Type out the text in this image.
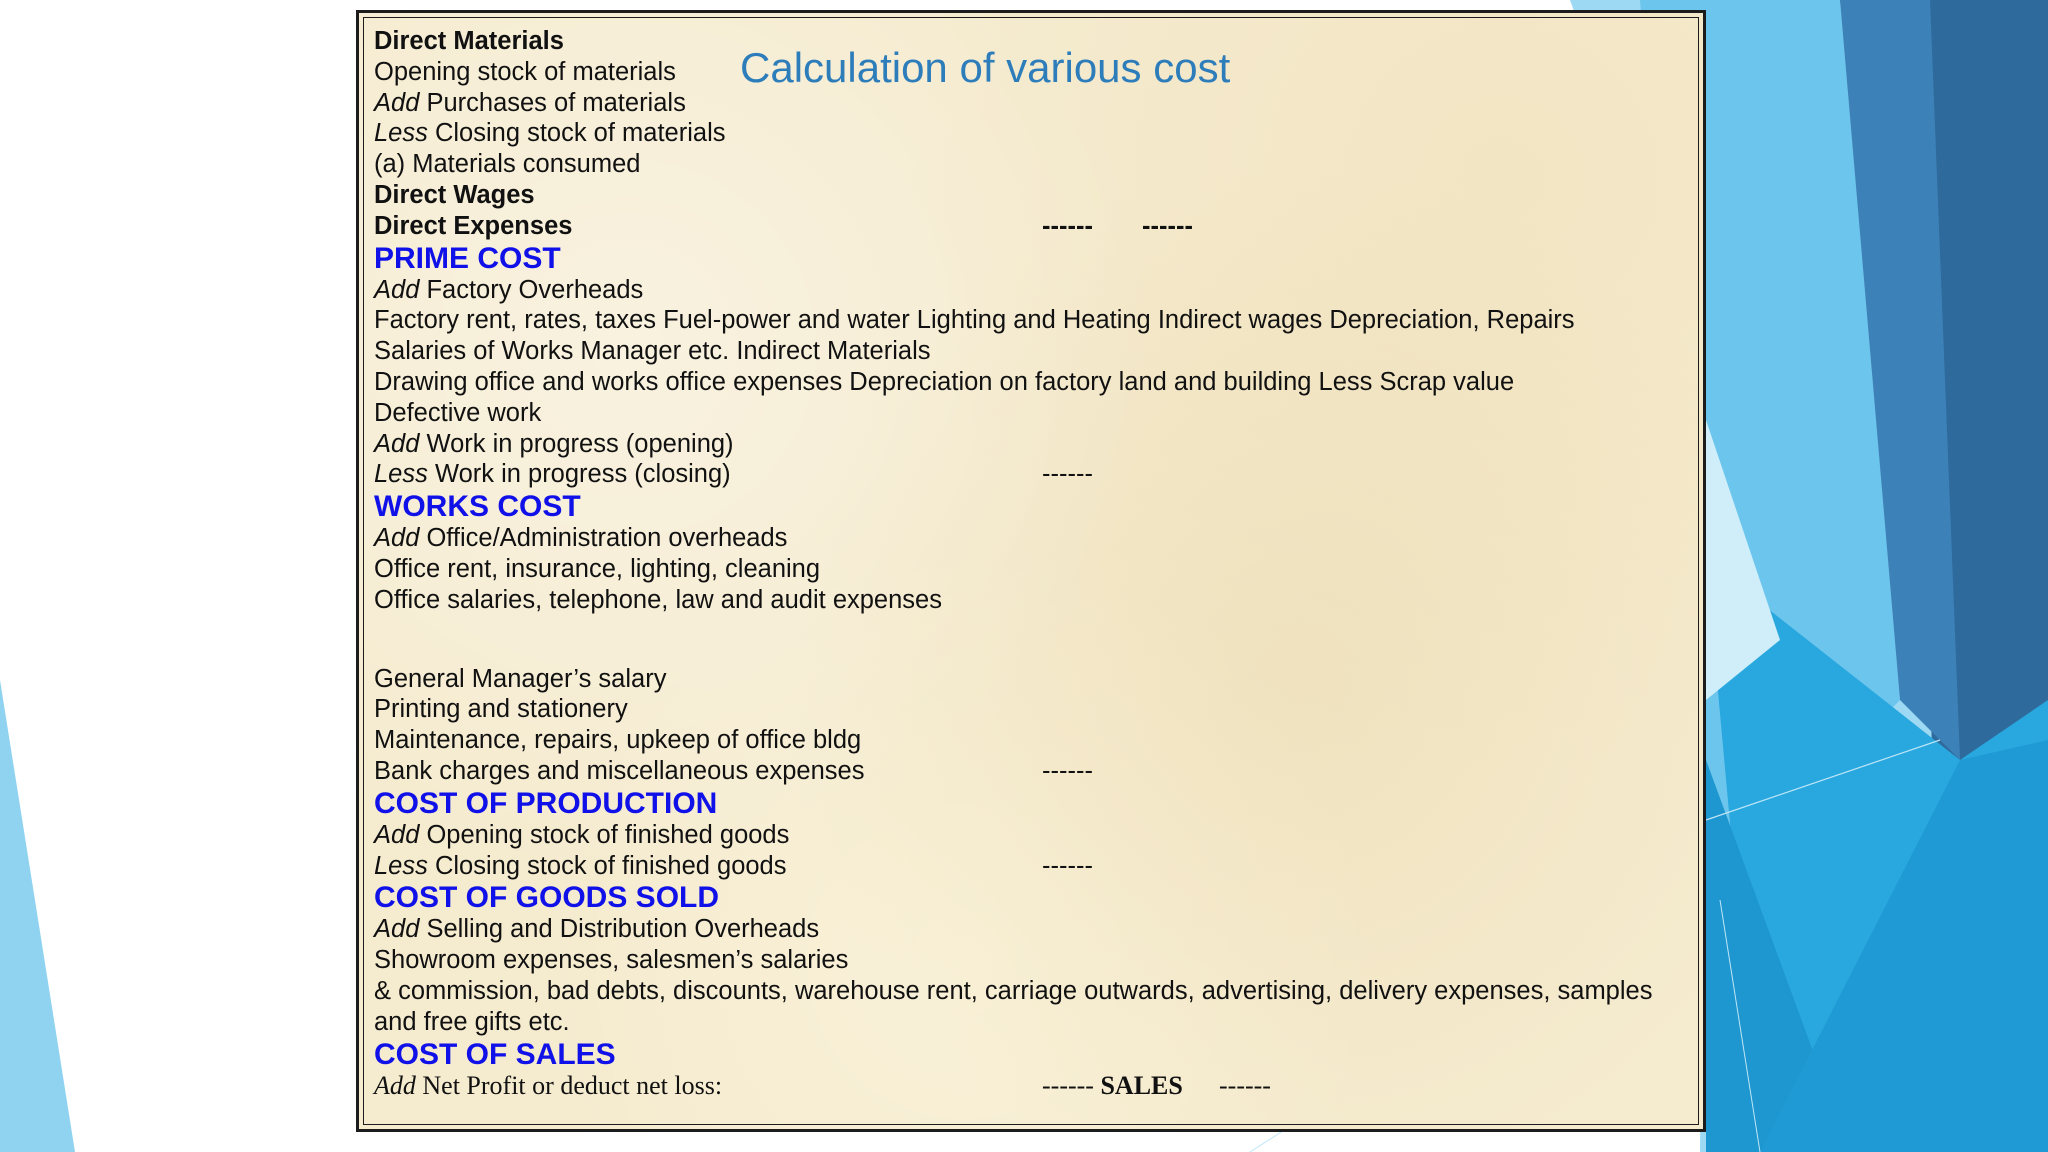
Calculation of various cost
Direct Materials
Opening stock of materials
Add Purchases of materials
Less Closing stock of materials
(a) Materials consumed
Direct Wages
Direct Expenses	------ ------
PRIME COST
Add Factory Overheads
Factory rent, rates, taxes Fuel-power and water Lighting and Heating Indirect wages Depreciation, Repairs
Salaries of Works Manager etc. Indirect Materials
Drawing office and works office expenses Depreciation on factory land and building Less Scrap value
Defective work
Add Work in progress (opening)
Less Work in progress (closing)	------
WORKS COST
Add Office/Administration overheads
Office rent, insurance, lighting, cleaning
Office salaries, telephone, law and audit expenses
General Manager’s salary
Printing and stationery
Maintenance, repairs, upkeep of office bldg
Bank charges and miscellaneous expenses	------
COST OF PRODUCTION
Add Opening stock of finished goods
Less Closing stock of finished goods	------
COST OF GOODS SOLD
Add Selling and Distribution Overheads
Showroom expenses, salesmen’s salaries
& commission, bad debts, discounts, warehouse rent, carriage outwards, advertising, delivery expenses, samples
and free gifts etc.
COST OF SALES
Add Net Profit or deduct net loss:	------ SALES ------
